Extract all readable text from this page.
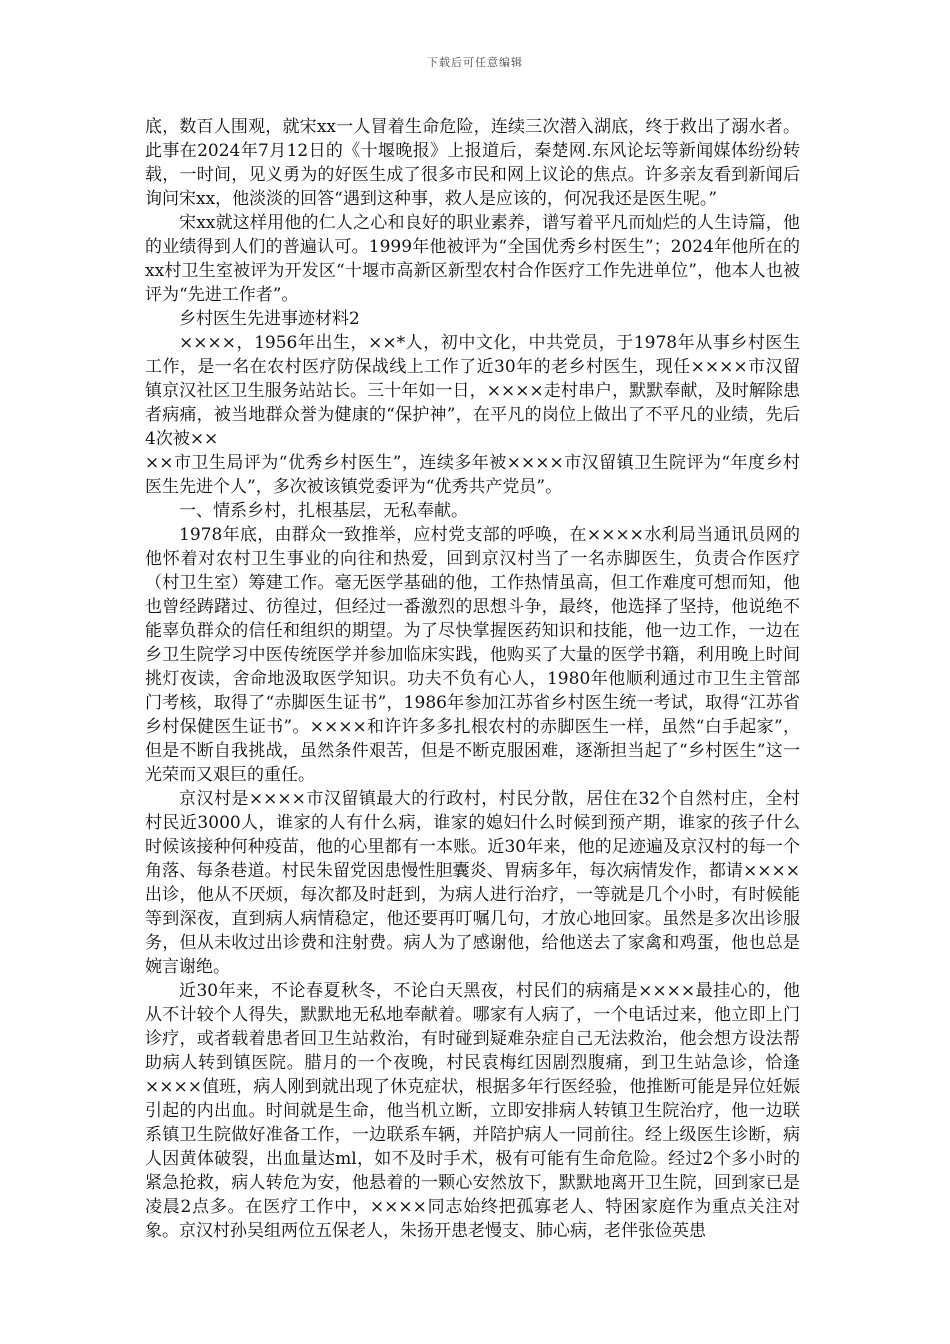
下载后可任意编辑

底，数百人围观，就宋xx一人冒着生命危险，连续三次潜入湖底，终于救出了溺水者。此事在2024年7月12日的《十堰晚报》上报道后，秦楚网.东风论坛等新闻媒体纷纷转载，一时间，见义勇为的好医生成了很多市民和网上议论的焦点。许多亲友看到新闻后询问宋xx，他淡淡的回答“遇到这种事，救人是应该的，何况我还是医生呢。”

宋xx就这样用他的仁人之心和良好的职业素养，谱写着平凡而灿烂的人生诗篇，他的业绩得到人们的普遍认可。1999年他被评为“全国优秀乡村医生”；2024年他所在的xx村卫生室被评为开发区“十堰市高新区新型农村合作医疗工作先进单位”，他本人也被评为“先进工作者”。

乡村医生先进事迹材料2

××××，1956年出生，××*人，初中文化，中共党员，于1978年从事乡村医生工作，是一名在农村医疗防保战线上工作了近30年的老乡村医生，现任××××市汉留镇京汉社区卫生服务站站长。三十年如一日，××××走村串户，默默奉献，及时解除患者病痛，被当地群众誉为健康的“保护神”，在平凡的岗位上做出了不平凡的业绩，先后4次被××

××市卫生局评为“优秀乡村医生”，连续多年被××××市汉留镇卫生院评为“年度乡村医生先进个人”，多次被该镇党委评为“优秀共产党员”。

一、情系乡村，扎根基层，无私奉献。

1978年底，由群众一致推举，应村党支部的呼唤，在××××水利局当通讯员网的他怀着对农村卫生事业的向往和热爱，回到京汉村当了一名赤脚医生，负责合作医疗（村卫生室）筹建工作。毫无医学基础的他，工作热情虽高，但工作难度可想而知，他也曾经踌躇过、彷徨过，但经过一番激烈的思想斗争，最终，他选择了坚持，他说绝不能辜负群众的信任和组织的期望。为了尽快掌握医药知识和技能，他一边工作，一边在乡卫生院学习中医传统医学并参加临床实践，他购买了大量的医学书籍，利用晚上时间挑灯夜读，舍命地汲取医学知识。功夫不负有心人，1980年他顺利通过市卫生主管部门考核，取得了“赤脚医生证书”，1986年参加江苏省乡村医生统一考试，取得“江苏省乡村保健医生证书”。××××和许许多多扎根农村的赤脚医生一样，虽然“白手起家”，但是不断自我挑战，虽然条件艰苦，但是不断克服困难，逐渐担当起了“乡村医生”这一光荣而又艰巨的重任。

京汉村是××××市汉留镇最大的行政村，村民分散，居住在32个自然村庄，全村村民近3000人，谁家的人有什么病，谁家的媳妇什么时候到预产期，谁家的孩子什么时候该接种何种疫苗，他的心里都有一本账。近30年来，他的足迹遍及京汉村的每一个角落、每条巷道。村民朱留党因患慢性胆囊炎、胃病多年，每次病情发作，都请××××出诊，他从不厌烦，每次都及时赶到，为病人进行治疗，一等就是几个小时，有时候能等到深夜，直到病人病情稳定，他还要再叮嘱几句，才放心地回家。虽然是多次出诊服务，但从未收过出诊费和注射费。病人为了感谢他，给他送去了家禽和鸡蛋，他也总是婉言谢绝。

近30年来，不论春夏秋冬，不论白天黑夜，村民们的病痛是××××最挂心的，他从不计较个人得失，默默地无私地奉献着。哪家有人病了，一个电话过来，他立即上门诊疗，或者载着患者回卫生站救治，有时碰到疑难杂症自己无法救治，他会想方设法帮助病人转到镇医院。腊月的一个夜晚，村民袁梅红因剧烈腹痛，到卫生站急诊，恰逢××××值班，病人刚到就出现了休克症状，根据多年行医经验，他推断可能是异位妊娠引起的内出血。时间就是生命，他当机立断，立即安排病人转镇卫生院治疗，他一边联系镇卫生院做好准备工作，一边联系车辆，并陪护病人一同前往。经上级医生诊断，病人因黄体破裂，出血量达ml，如不及时手术，极有可能有生命危险。经过2个多小时的紧急抢救，病人转危为安，他悬着的一颗心安然放下，默默地离开卫生院，回到家已是凌晨2点多。在医疗工作中，××××同志始终把孤寡老人、特困家庭作为重点关注对象。京汉村孙吴组两位五保老人，朱扬开患老慢支、肺心病，老伴张俭英患
